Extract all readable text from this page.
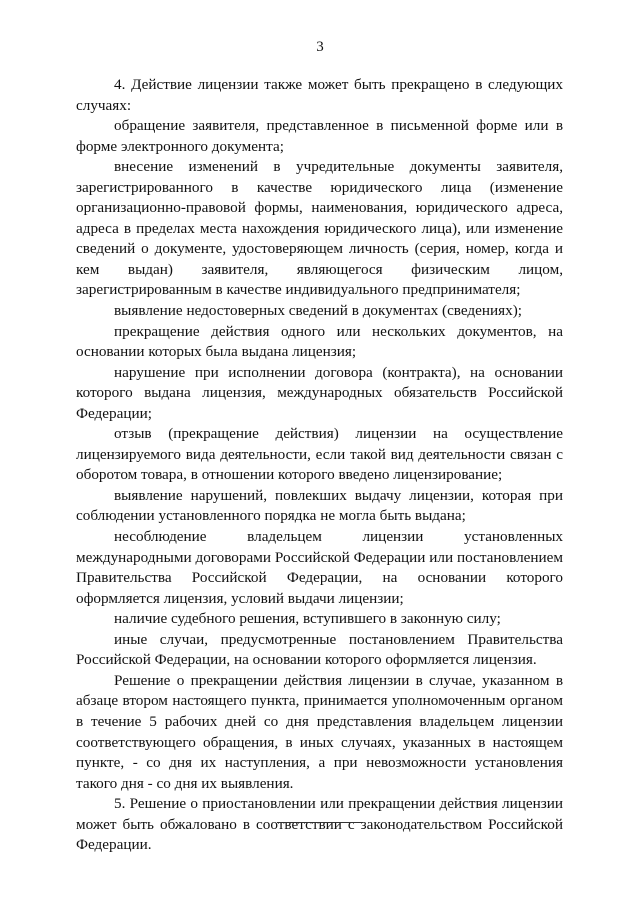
3

4. Действие лицензии также может быть прекращено в следующих случаях:

обращение заявителя, представленное в письменной форме или в форме электронного документа;

внесение изменений в учредительные документы заявителя, зарегистрированного в качестве юридического лица (изменение организационно-правовой формы, наименования, юридического адреса, адреса в пределах места нахождения юридического лица), или изменение сведений о документе, удостоверяющем личность (серия, номер, когда и кем выдан) заявителя, являющегося физическим лицом, зарегистрированным в качестве индивидуального предпринимателя;

выявление недостоверных сведений в документах (сведениях);

прекращение действия одного или нескольких документов, на основании которых была выдана лицензия;

нарушение при исполнении договора (контракта), на основании которого выдана лицензия, международных обязательств Российской Федерации;

отзыв (прекращение действия) лицензии на осуществление лицензируемого вида деятельности, если такой вид деятельности связан с оборотом товара, в отношении которого введено лицензирование;

выявление нарушений, повлекших выдачу лицензии, которая при соблюдении установленного порядка не могла быть выдана;

несоблюдение владельцем лицензии установленных международными договорами Российской Федерации или постановлением Правительства Российской Федерации, на основании которого оформляется лицензия, условий выдачи лицензии;

наличие судебного решения, вступившего в законную силу;

иные случаи, предусмотренные постановлением Правительства Российской Федерации, на основании которого оформляется лицензия.

Решение о прекращении действия лицензии в случае, указанном в абзаце втором настоящего пункта, принимается уполномоченным органом в течение 5 рабочих дней со дня представления владельцем лицензии соответствующего обращения, в иных случаях, указанных в настоящем пункте, - со дня их наступления, а при невозможности установления такого дня - со дня их выявления.

5. Решение о приостановлении или прекращении действия лицензии может быть обжаловано в соответствии с законодательством Российской Федерации.
